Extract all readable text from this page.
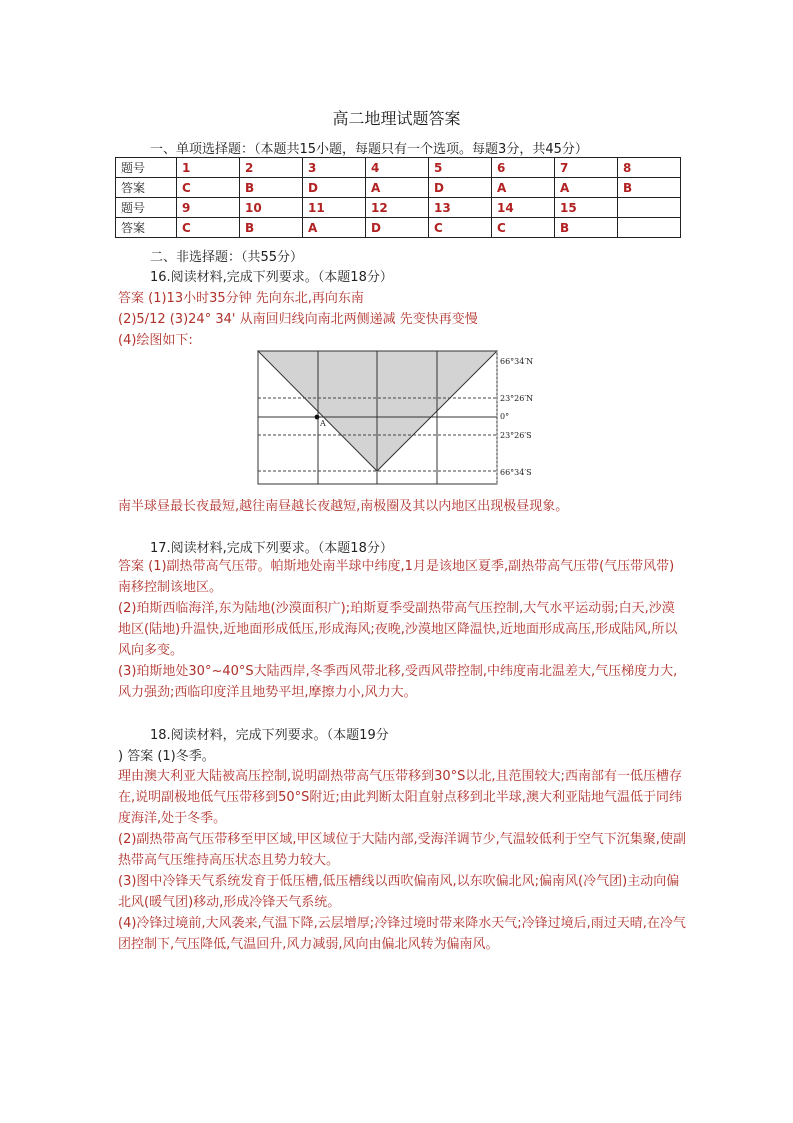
高二地理试题答案
一、单项选择题：（本题共15小题，每题只有一个选项。每题3分，共45分）
题号	1	2	3	4	5	6	7	8
答案	C	B	D	A	D	A	A	B
题号	9	10	11	12	13	14	15	
答案	C	B	A	D	C	C	B	
二、非选择题：（共55分）
16.阅读材料,完成下列要求。（本题18分）
答案 (1)13小时35分钟 先向东北,再向东南
(2)5/12 (3)24° 34' 从南回归线向南北两侧递减 先变快再变慢
(4)绘图如下:
A
66°34′N
23°26′N
0°
23°26′S
66°34′S
南半球昼最长夜最短,越往南昼越长夜越短,南极圈及其以内地区出现极昼现象。
17.阅读材料,完成下列要求。（本题18分）
答案 (1)副热带高气压带。帕斯地处南半球中纬度,1月是该地区夏季,副热带高气压带(气压带风带)南移控制该地区。
(2)珀斯西临海洋,东为陆地(沙漠面积广);珀斯夏季受副热带高气压控制,大气水平运动弱;白天,沙漠地区(陆地)升温快,近地面形成低压,形成海风;夜晚,沙漠地区降温快,近地面形成高压,形成陆风,所以风向多变。
(3)珀斯地处30°~40°S大陆西岸,冬季西风带北移,受西风带控制,中纬度南北温差大,气压梯度力大,风力强劲;西临印度洋且地势平坦,摩擦力小,风力大。
18.阅读材料，完成下列要求。（本题19分
) 答案 (1)冬季。
理由澳大利亚大陆被高压控制,说明副热带高气压带移到30°S以北,且范围较大;西南部有一低压槽存在,说明副极地低气压带移到50°S附近;由此判断太阳直射点移到北半球,澳大利亚陆地气温低于同纬度海洋,处于冬季。
(2)副热带高气压带移至甲区域,甲区域位于大陆内部,受海洋调节少,气温较低利于空气下沉集聚,使副热带高气压维持高压状态且势力较大。
(3)图中冷锋天气系统发育于低压槽,低压槽线以西吹偏南风,以东吹偏北风;偏南风(冷气团)主动向偏北风(暖气团)移动,形成冷锋天气系统。
(4)冷锋过境前,大风袭来,气温下降,云层增厚;冷锋过境时带来降水天气;冷锋过境后,雨过天晴,在冷气团控制下,气压降低,气温回升,风力减弱,风向由偏北风转为偏南风。
